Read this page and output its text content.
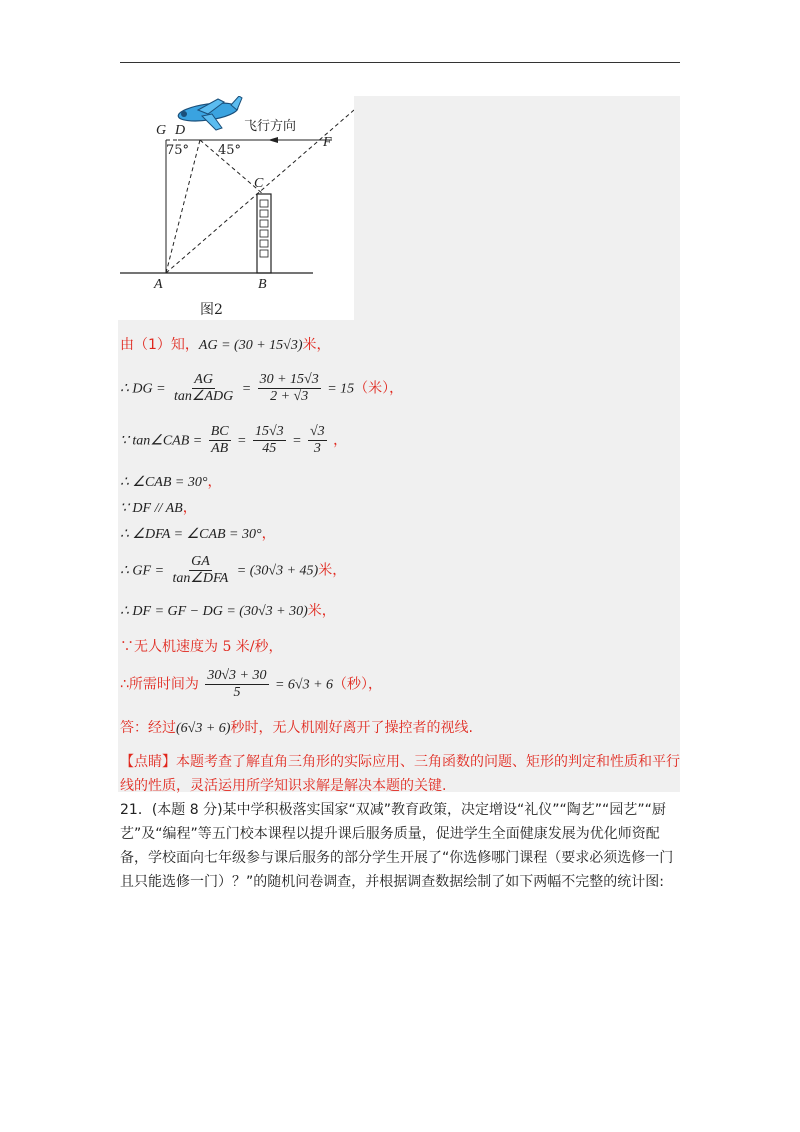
G D
F
C
A	B
75° 45°
飞行方向
图2
由（1）知，AG = (30 + 15√3)米，
∴ DG = $\frac{AG}{\text{tan∠ADG}} = \frac{30 + 15√3}{2 + √3} = 15$（米），
∵ tan∠CAB = $\frac{BC}{AB} = \frac{15√3}{45} = \frac{√3}{3}$ ，
∴ ∠CAB = 30°，
∵ DF // AB，
∴ ∠DFA = ∠CAB = 30°，
∴ GF = $\frac{GA}{\text{tan∠DFA}} = (30√3 + 45)$米，
∴ DF = GF − DG = (30√3 + 30)米，
∵无人机速度为 5 米/秒，
∴所需时间为 $\frac{30√3 + 30}{5} = 6√3 + 6$（秒），
答：经过(6√3 + 6)秒时，无人机刚好离开了操控者的视线.
【点睛】本题考查了解直角三角形的实际应用、三角函数的问题、矩形的判定和性质和平行线的性质，灵活运用所学知识求解是解决本题的关键.
21．(本题 8 分)某中学积极落实国家“双减”教育政策，决定增设“礼仪”“陶艺”“园艺”“厨艺”及“编程”等五门校本课程以提升课后服务质量，促进学生全面健康发展为优化师资配备，学校面向七年级参与课后服务的部分学生开展了“你选修哪门课程（要求必须选修一门且只能选修一门）？”的随机问卷调查，并根据调查数据绘制了如下两幅不完整的统计图:
